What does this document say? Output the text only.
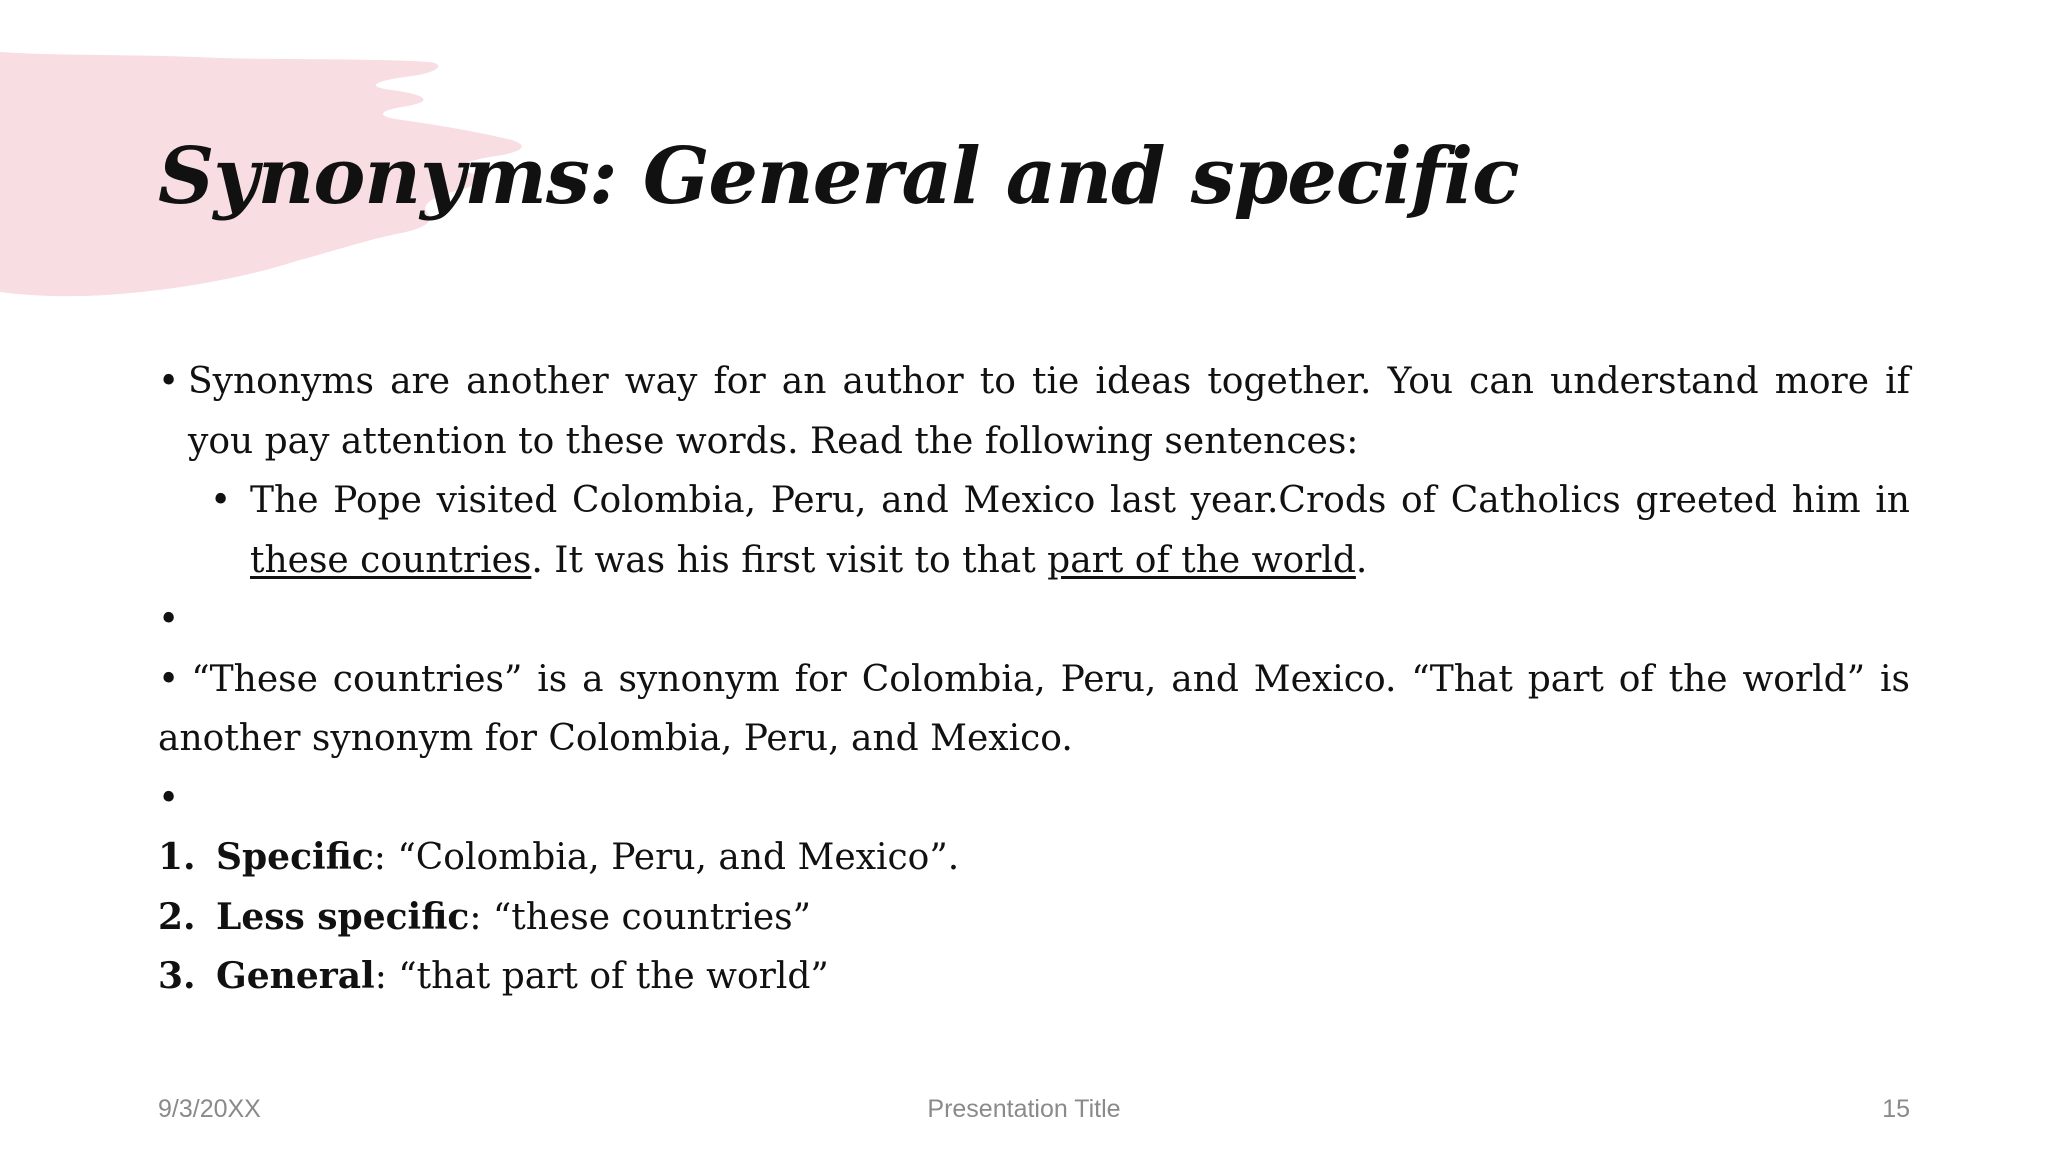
Synonyms: General and specific

• Synonyms are another way for an author to tie ideas together. You can understand more if you pay attention to these words. Read the following sentences:

• The Pope visited Colombia, Peru, and Mexico last year.Crods of Catholics greeted him in these countries. It was his first visit to that part of the world.

•

• “These countries” is a synonym for Colombia, Peru, and Mexico. “That part of the world” is another synonym for Colombia, Peru, and Mexico.

•

1. Specific: “Colombia, Peru, and Mexico”.
2. Less specific: “these countries”
3. General: “that part of the world”
9/3/20XX	Presentation Title	15
